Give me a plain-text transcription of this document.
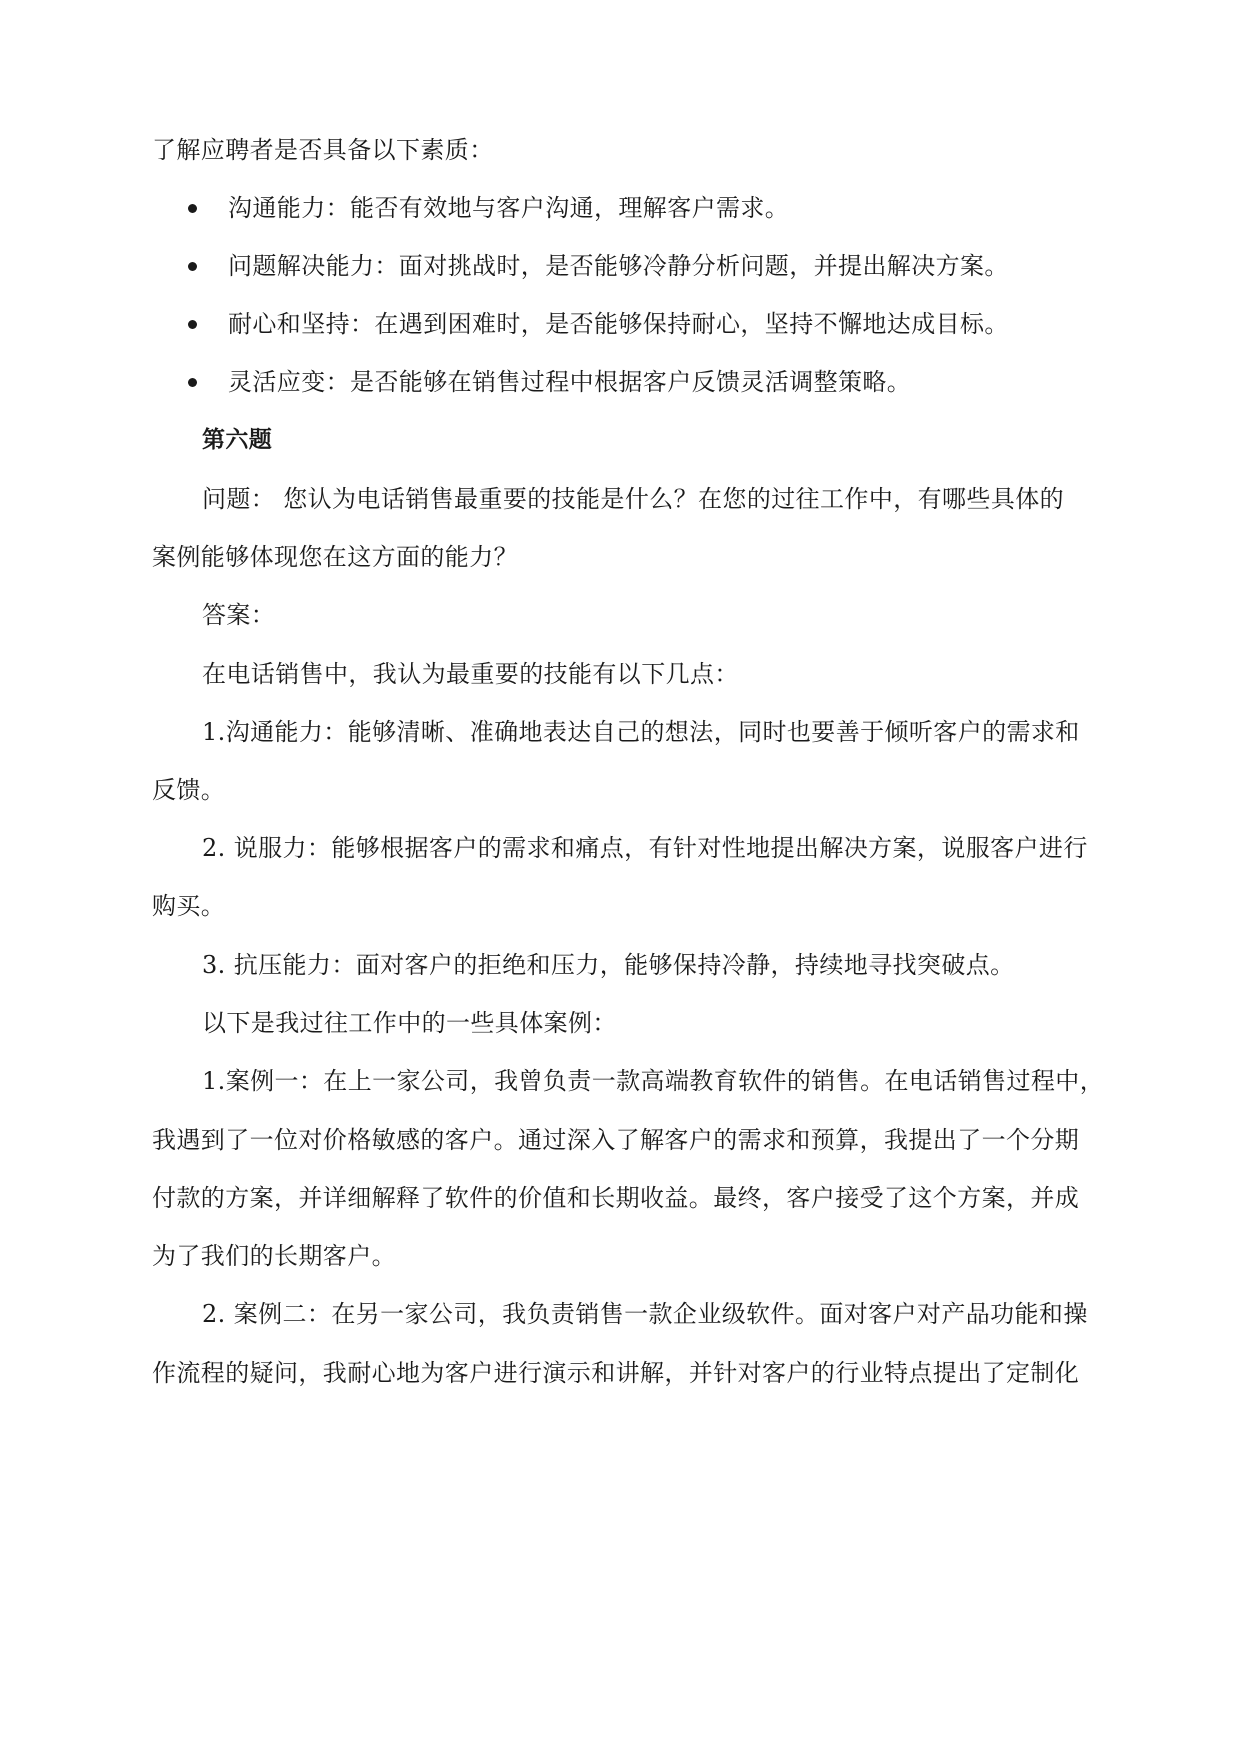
了解应聘者是否具备以下素质：
沟通能力：能否有效地与客户沟通，理解客户需求。
问题解决能力：面对挑战时，是否能够冷静分析问题，并提出解决方案。
耐心和坚持：在遇到困难时，是否能够保持耐心，坚持不懈地达成目标。
灵活应变：是否能够在销售过程中根据客户反馈灵活调整策略。
第六题
问题： 您认为电话销售最重要的技能是什么？在您的过往工作中，有哪些具体的
案例能够体现您在这方面的能力？
答案：
在电话销售中，我认为最重要的技能有以下几点：
1.沟通能力：能够清晰、准确地表达自己的想法，同时也要善于倾听客户的需求和
反馈。
2. 说服力：能够根据客户的需求和痛点，有针对性地提出解决方案，说服客户进行
购买。
3. 抗压能力：面对客户的拒绝和压力，能够保持冷静，持续地寻找突破点。
以下是我过往工作中的一些具体案例：
1.案例一：在上一家公司，我曾负责一款高端教育软件的销售。在电话销售过程中，
我遇到了一位对价格敏感的客户。通过深入了解客户的需求和预算，我提出了一个分期
付款的方案，并详细解释了软件的价值和长期收益。最终，客户接受了这个方案，并成
为了我们的长期客户。
2. 案例二：在另一家公司，我负责销售一款企业级软件。面对客户对产品功能和操
作流程的疑问，我耐心地为客户进行演示和讲解，并针对客户的行业特点提出了定制化
